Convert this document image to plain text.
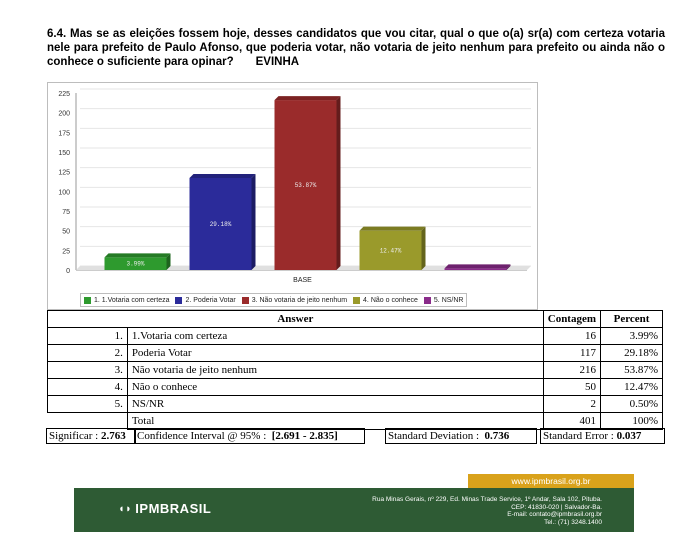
6.4. Mas se as eleições fossem hoje, desses candidatos que vou citar, qual o que o(a) sr(a) com certeza votaria nele para prefeito de Paulo Afonso, que poderia votar, não votaria de jeito nenhum para prefeito ou ainda não o conhece o suficiente para opinar? EVINHA
0
25
50
75
100
125
150
175
200
225
3.99%
29.18%
53.87%
12.47%
BASE
1. 1.Votaria com certeza 2. Poderia Votar 3. Não votaria de jeito nenhum 4. Não o conhece 5. NS/NR
Answer		Contagem	Percent
1.	1.Votaria com certeza	16	3.99%
2.	Poderia Votar	117	29.18%
3.	Não votaria de jeito nenhum	216	53.87%
4.	Não o conhece	50	12.47%
5.	NS/NR	2	0.50%
	Total	401	100%
Significar : 2.763	Confidence Interval @ 95% : [2.691 - 2.835]	Standard Deviation : 0.736	Standard Error : 0.037
www.ipmbrasil.org.br
◖◗ IPMBRASIL
Rua Minas Gerais, nº 229, Ed. Minas Trade Service, 1º Andar, Sala 102, Pituba.
CEP: 41830-020 | Salvador-Ba.
E-mail: contato@ipmbrasil.org.br
Tel.: (71) 3248.1400
